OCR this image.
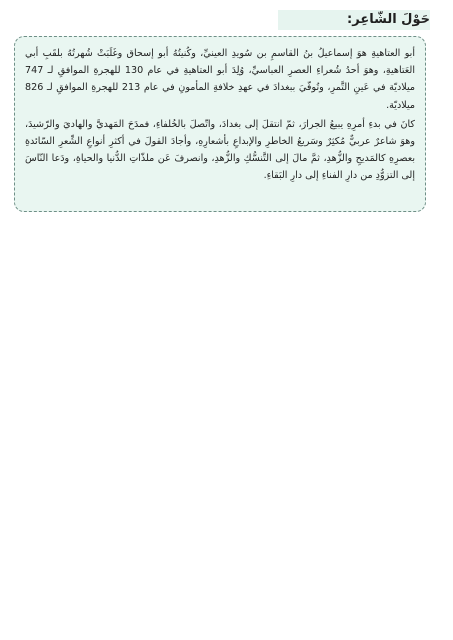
حَوْلَ الشّاعِر:

أبو العتاهيةِ هوَ إسماعيلُ بنُ القاسمِ بن سُويدِ العينيِّ، وكُنيتُهُ أبو إسحاق وغَلَبَتْ شُهرتُهُ بلقَبِ أبي العَتاهيةِ، وهوَ أحدُ شُعراءِ العصرِ العباسيِّ، وُلِدَ أبو العتاهيةِ في عام 130 للهجرةِ الموافقِ لـ 747 ميلاديّة في عَينِ التَّمرِ، وتُوفّيَ ببغدادَ في عهدِ خلافةِ المأمونِ في عام 213 للهجرةِ الموافقِ لـ 826 ميلاديّة.

كانَ في بدءِ أمرِهِ يبيعُ الجرارَ، ثمّ انتقلَ إلى بغدادَ، واتّصلَ بالخُلفاءِ، فمدَحَ المَهديَّ والهاديَ والرّشيدَ، وهوَ شاعرٌ عربيٌّ مُكثِرٌ وسَريعُ الخاطرِ والإبداعِ بأشعارِهِ، وأجادَ القولَ في أكثرِ أنواعِ الشِّعرِ السّائدةِ بعصرِهِ كالمَديحِ والزُّهدِ، ثمَّ مالَ إلى التَّنسُّكِ والزُّهدِ، وانصرفَ عَن ملذّاتِ الدُّنيا والحياةِ، ودَعا النّاسَ إلى التزوُّدِ من دارِ الفناءِ إلى دارِ البَقاءِ.
